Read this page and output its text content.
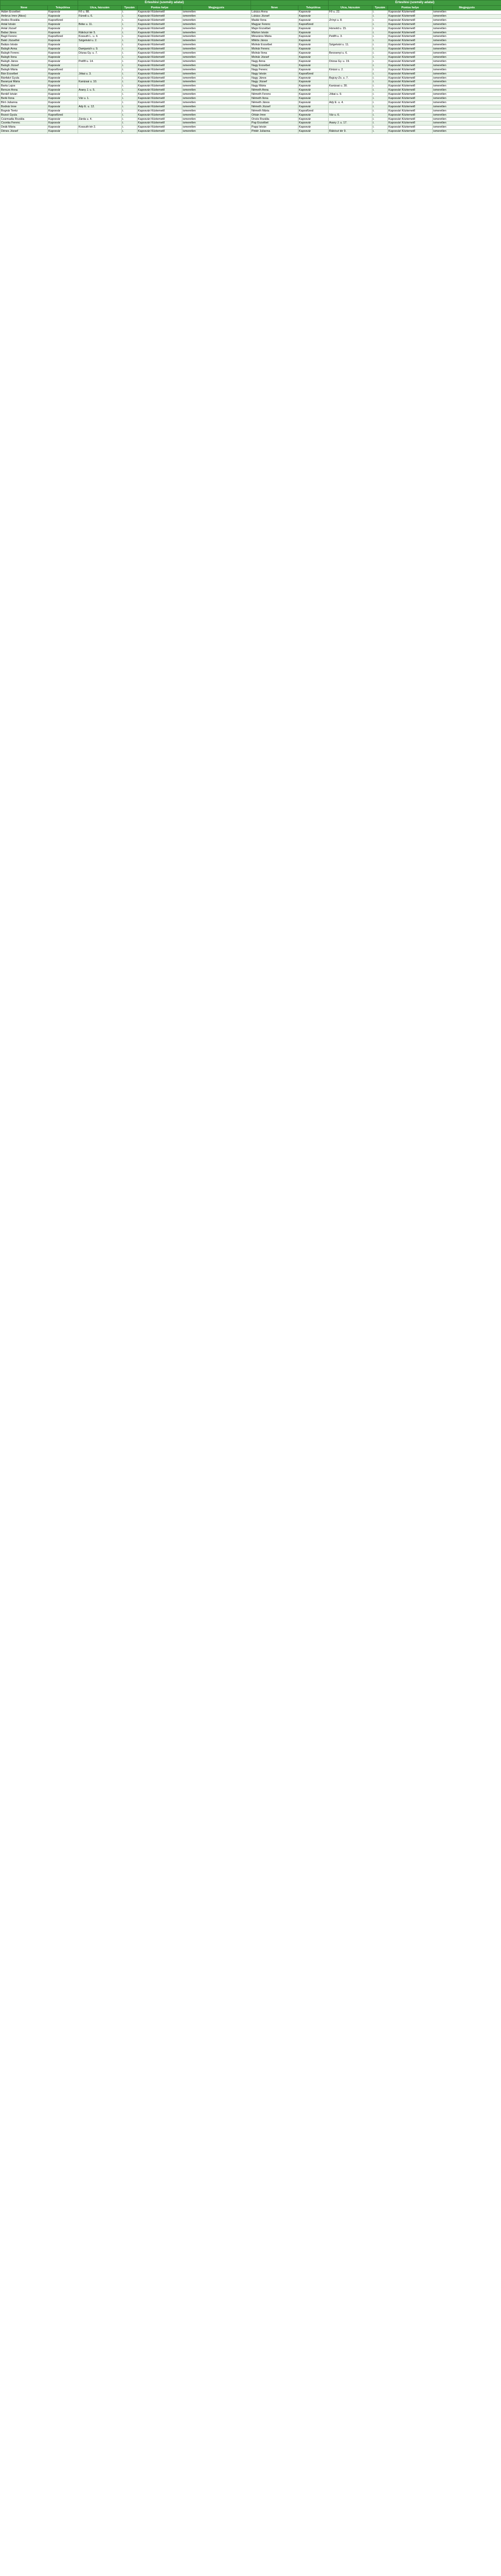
		Értesítési (személy adatai)			
Neve	Településa	Utca, házszám	Tpszám	Pontos helye	Megjegyzés
Adám Erzsébet	Kaposvár	Fő u. 88.	i.	Kaposvári Köztemető	ismeretlen
Ambrus Imre (Ákos)	Kaposvár	Füredi u. 6.	i.	Kaposvári Köztemető	ismeretlen
Andics Rozália	Kaposfüred		i.	Kaposvári Köztemető	ismeretlen
Antal István	Kaposvár	Béke u. 11.	i.	Kaposvári Köztemető	ismeretlen
Antal József	Kaposvár		i.	Kaposvári Köztemető	ismeretlen
Babai János	Kaposvár	Rákóczi tér 5.	i.	Kaposvári Köztemető	ismeretlen
Bagó Ferenc	Kaposfüred	Kossuth L. u. 4.	i.	Kaposvári Köztemető	ismeretlen
Bakó Józsefné	Kaposvár	Szigetvári u. 2.	i.	Kaposvári Köztemető	ismeretlen
Balázs István	Kaposvár		i.	Kaposvári Köztemető	ismeretlen
Balogh Anna	Kaposvár	Damjanich u. 9.	i.	Kaposvári Köztemető	ismeretlen
Balogh Ferenc	Kaposvár	Dózsa Gy. u. 7.	i.	Kaposvári Köztemető	ismeretlen
Balogh Ilona	Kaposvár		i.	Kaposvári Köztemető	ismeretlen
Balogh János	Kaposvár	Petőfi u. 14.	i.	Kaposvári Köztemető	ismeretlen
Balogh József	Kaposvár		i.	Kaposvári Köztemető	ismeretlen
Balogh Mária	Kaposfüred		i.	Kaposvári Köztemető	ismeretlen
Bán Erzsébet	Kaposvár	Jókai u. 3.	i.	Kaposvári Köztemető	ismeretlen
Bánfalvi Gyula	Kaposvár		i.	Kaposvári Köztemető	ismeretlen
Baranyai Mária	Kaposvár	Kanizsai u. 10.	i.	Kaposvári Köztemető	ismeretlen
Barta Lajos	Kaposvár		i.	Kaposvári Köztemető	ismeretlen
Bencze Anna	Kaposvár	Arany J. u. 5.	i.	Kaposvári Köztemető	ismeretlen
Benkő István	Kaposvár		i.	Kaposvári Köztemető	ismeretlen
Berki Ilona	Kaposvár	Vár u. 1.	i.	Kaposvári Köztemető	ismeretlen
Bíró Julianna	Kaposvár		i.	Kaposvári Köztemető	ismeretlen
Bodnár Imre	Kaposvár	Ady E. u. 12.	i.	Kaposvári Köztemető	ismeretlen
Bognár Teréz	Kaposvár		i.	Kaposvári Köztemető	ismeretlen
Bozsó Gyula	Kaposfüred		i.	Kaposvári Köztemető	ismeretlen
Csizmadia Rozália	Kaposvár	Zárda u. 4.	i.	Kaposvári Köztemető	ismeretlen
Csonka Ferenc	Kaposvár		i.	Kaposvári Köztemető	ismeretlen
Deák Mária	Kaposvár	Kossuth tér 2.	i.	Kaposvári Köztemető	ismeretlen
Dénes József	Kaposvár		i.	Kaposvári Köztemető	ismeretlen
		Értesítési (személy adatai)			
Neve	Településa	Utca, házszám	Tpszám	Pontos helye	Megjegyzés
Lukács Anna	Kaposvár	Fő u. 22.	i.	Kaposvári Köztemető	ismeretlen
Lukács József	Kaposvár		i.	Kaposvári Köztemető	ismeretlen
Madár Ilona	Kaposvár	Zrínyi u. 8.	i.	Kaposvári Köztemető	ismeretlen
Magyar Ferenc	Kaposfüred		i.	Kaposvári Köztemető	ismeretlen
Major Erzsébet	Kaposvár	Honvéd u. 15.	i.	Kaposvári Köztemető	ismeretlen
Márton István	Kaposvár		i.	Kaposvári Köztemető	ismeretlen
Mészáros Mária	Kaposvár	Petőfi u. 3.	i.	Kaposvári Köztemető	ismeretlen
Miklós János	Kaposvár		i.	Kaposvári Köztemető	ismeretlen
Molnár Erzsébet	Kaposvár	Szigetvári u. 11.	i.	Kaposvári Köztemető	ismeretlen
Molnár Ferenc	Kaposvár		i.	Kaposvári Köztemető	ismeretlen
Molnár Ilona	Kaposvár	Berzsenyi u. 6.	i.	Kaposvári Köztemető	ismeretlen
Molnár József	Kaposvár		i.	Kaposvári Köztemető	ismeretlen
Nagy Anna	Kaposvár	Dózsa Gy. u. 19.	i.	Kaposvári Köztemető	ismeretlen
Nagy Erzsébet	Kaposvár		i.	Kaposvári Köztemető	ismeretlen
Nagy Ferenc	Kaposvár	Kinizsi u. 2.	i.	Kaposvári Köztemető	ismeretlen
Nagy István	Kaposfüred		i.	Kaposvári Köztemető	ismeretlen
Nagy János	Kaposvár	Bajcsy-Zs. u. 7.	i.	Kaposvári Köztemető	ismeretlen
Nagy József	Kaposvár		i.	Kaposvári Köztemető	ismeretlen
Nagy Mária	Kaposvár	Kanizsai u. 30.	i.	Kaposvári Köztemető	ismeretlen
Németh Anna	Kaposvár		i.	Kaposvári Köztemető	ismeretlen
Németh Ferenc	Kaposvár	Jókai u. 9.	i.	Kaposvári Köztemető	ismeretlen
Németh Ilona	Kaposvár		i.	Kaposvári Köztemető	ismeretlen
Németh János	Kaposvár	Ady E. u. 4.	i.	Kaposvári Köztemető	ismeretlen
Németh József	Kaposvár		i.	Kaposvári Köztemető	ismeretlen
Németh Mária	Kaposfüred		i.	Kaposvári Köztemető	ismeretlen
Orbán Imre	Kaposvár	Vár u. 6.	i.	Kaposvári Köztemető	ismeretlen
Orsós Rozália	Kaposvár		i.	Kaposvári Köztemető	ismeretlen
Pap Erzsébet	Kaposvár	Arany J. u. 17.	i.	Kaposvári Köztemető	ismeretlen
Papp István	Kaposvár		i.	Kaposvári Köztemető	ismeretlen
Pintér Julianna	Kaposvár	Rákóczi tér 9.	i.	Kaposvári Köztemető	ismeretlen
